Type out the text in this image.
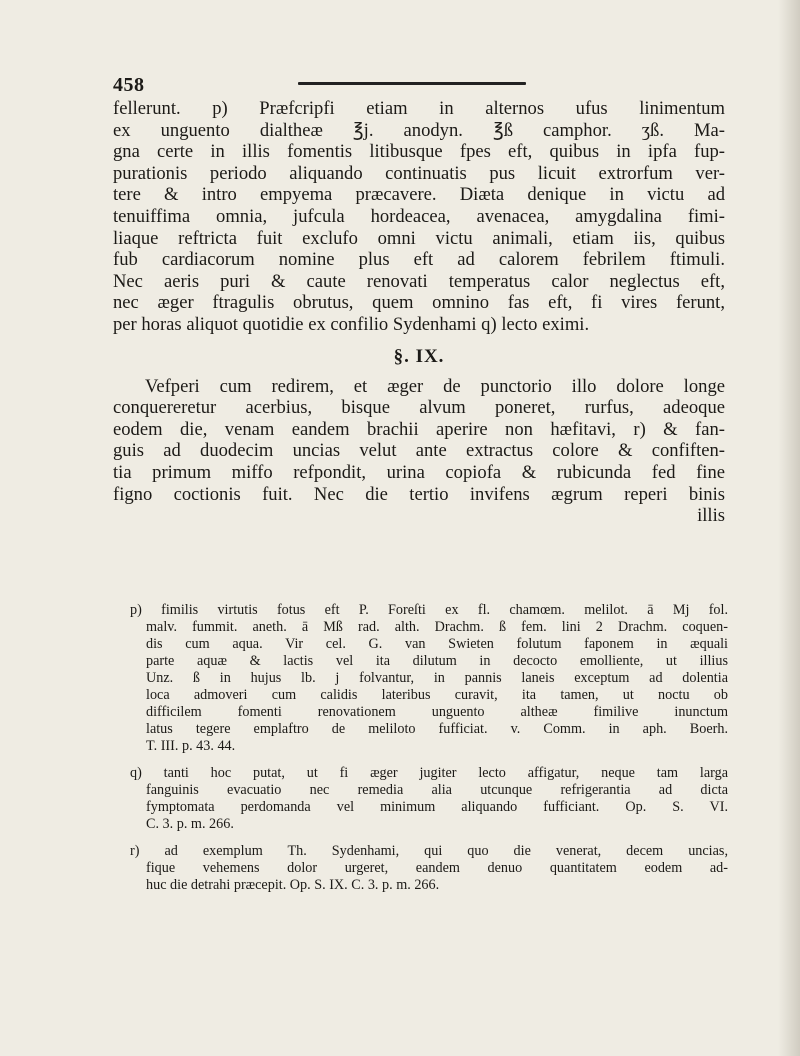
458
fellerunt. p) Præfcripfi etiam in alternos ufus linimentum
ex unguento dialtheæ ℥j. anodyn. ℥ß camphor. ʒß. Ma-
gna certe in illis fomentis litibusque fpes eft, quibus in ipfa fup-
purationis periodo aliquando continuatis pus licuit extrorfum ver-
tere & intro empyema præcavere. Diæta denique in victu ad
tenuiffima omnia, jufcula hordeacea, avenacea, amygdalina fimi-
liaque reftricta fuit exclufo omni victu animali, etiam iis, quibus
fub cardiacorum nomine plus eft ad calorem febrilem ftimuli.
Nec aeris puri & caute renovati temperatus calor neglectus eft,
nec æger ftragulis obrutus, quem omnino fas eft, fi vires ferunt,
per horas aliquot quotidie ex confilio Sydenhami q) lecto eximi.
§. IX.
Vefperi cum redirem, et æger de punctorio illo dolore longe
conquereretur acerbius, bisque alvum poneret, rurfus, adeoque
eodem die, venam eandem brachii aperire non hæfitavi, r) & fan-
guis ad duodecim uncias velut ante extractus colore & confiften-
tia primum miffo refpondit, urina copiofa & rubicunda fed fine
figno coctionis fuit. Nec die tertio invifens ægrum reperi binis
illis
p) fimilis virtutis fotus eft P. Foreſti ex fl. chamœm. melilot. ā Mj fol.
malv. fummit. aneth. ā Mß rad. alth. Drachm. ß fem. lini 2 Drachm. coquen-
dis cum aqua. Vir cel. G. van Swieten folutum faponem in æquali
parte aquæ & lactis vel ita dilutum in decocto emolliente, ut illius
Unz. ß in hujus lb. j folvantur, in pannis laneis exceptum ad dolentia
loca admoveri cum calidis lateribus curavit, ita tamen, ut noctu ob
difficilem fomenti renovationem unguento altheæ fimilive inunctum
latus tegere emplaftro de meliloto fufficiat. v. Comm. in aph. Boerh.
T. III. p. 43. 44.
q) tanti hoc putat, ut fi æger jugiter lecto affigatur, neque tam larga
fanguinis evacuatio nec remedia alia utcunque refrigerantia ad dicta
fymptomata perdomanda vel minimum aliquando fufficiant. Op. S. VI.
C. 3. p. m. 266.
r) ad exemplum Th. Sydenhami, qui quo die venerat, decem uncias,
fique vehemens dolor urgeret, eandem denuo quantitatem eodem ad-
huc die detrahi præcepit. Op. S. IX. C. 3. p. m. 266.
